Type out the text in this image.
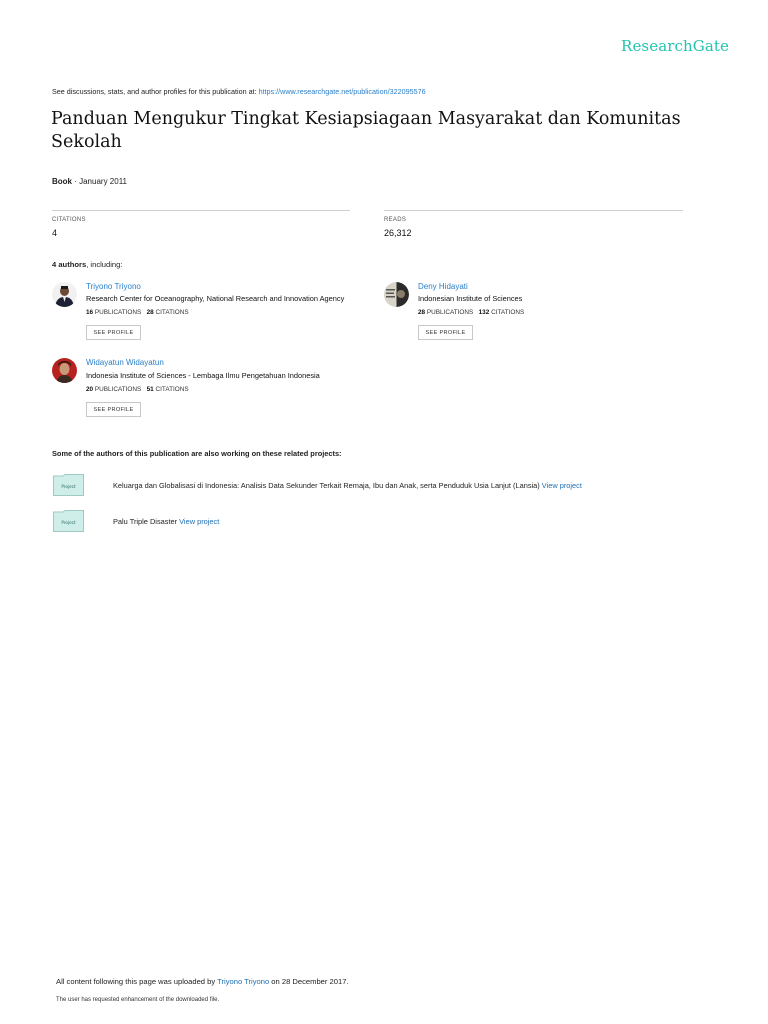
ResearchGate
See discussions, stats, and author profiles for this publication at: https://www.researchgate.net/publication/322095576
Panduan Mengukur Tingkat Kesiapsiagaan Masyarakat dan Komunitas
Sekolah
Book · January 2011
CITATIONS
4
READS
26,312
4 authors, including:
Triyono Triyono
Research Center for Oceanography, National Research and Innovation Agency
16 PUBLICATIONS 28 CITATIONS
SEE PROFILE
Deny Hidayati
Indonesian Institute of Sciences
28 PUBLICATIONS 132 CITATIONS
SEE PROFILE
Widayatun Widayatun
Indonesia Institute of Sciences - Lembaga Ilmu Pengetahuan Indonesia
20 PUBLICATIONS 51 CITATIONS
SEE PROFILE
Some of the authors of this publication are also working on these related projects:
Project	Keluarga dan Globalisasi di Indonesia: Analisis Data Sekunder Terkait Remaja, Ibu dan Anak, serta Penduduk Usia Lanjut (Lansia) View project
Project	Palu Triple Disaster View project
All content following this page was uploaded by Triyono Triyono on 28 December 2017.
The user has requested enhancement of the downloaded file.
